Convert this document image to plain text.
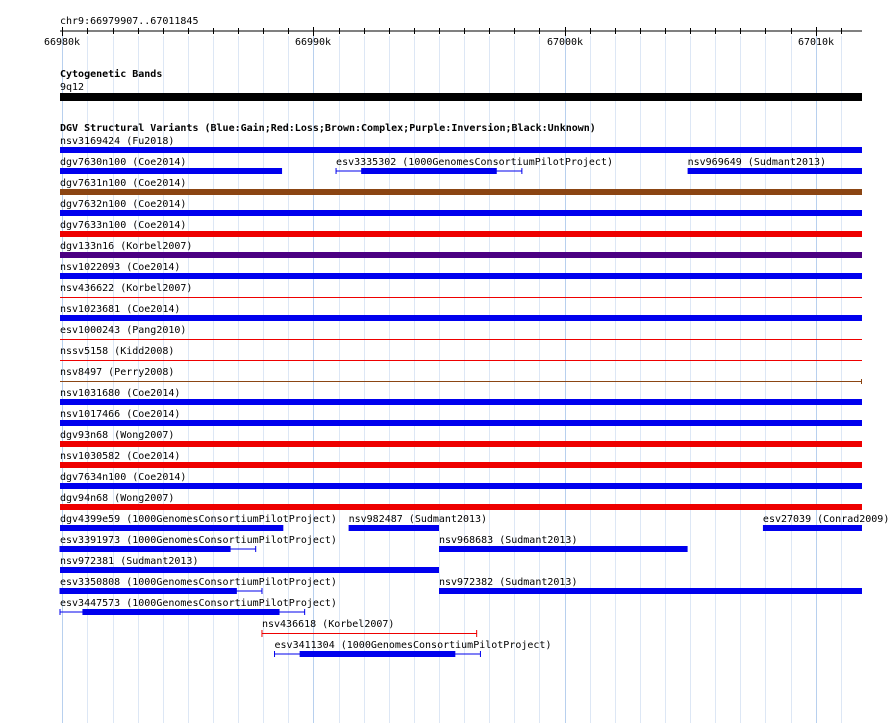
chr9:66979907..67011845
66980k	66990k	67000k	67010k
Cytogenetic Bands
9q12
DGV Structural Variants (Blue:Gain;Red:Loss;Brown:Complex;Purple:Inversion;Black:Unknown)
nsv3169424 (Fu2018)
dgv7630n100 (Coe2014)	esv3335302 (1000GenomesConsortiumPilotProject)	nsv969649 (Sudmant2013)
dgv7631n100 (Coe2014)
dgv7632n100 (Coe2014)
dgv7633n100 (Coe2014)
dgv133n16 (Korbel2007)
nsv1022093 (Coe2014)
nsv436622 (Korbel2007)
nsv1023681 (Coe2014)
esv1000243 (Pang2010)
nssv5158 (Kidd2008)
nsv8497 (Perry2008)
nsv1031680 (Coe2014)
nsv1017466 (Coe2014)
dgv93n68 (Wong2007)
nsv1030582 (Coe2014)
dgv7634n100 (Coe2014)
dgv94n68 (Wong2007)
dgv4399e59 (1000GenomesConsortiumPilotProject) nsv982487 (Sudmant2013)	esv27039 (Conrad2009)
esv3391973 (1000GenomesConsortiumPilotProject)	nsv968683 (Sudmant2013)
nsv972381 (Sudmant2013)
esv3350808 (1000GenomesConsortiumPilotProject)	nsv972382 (Sudmant2013)
esv3447573 (1000GenomesConsortiumPilotProject)
nsv436618 (Korbel2007)
esv3411304 (1000GenomesConsortiumPilotProject)
